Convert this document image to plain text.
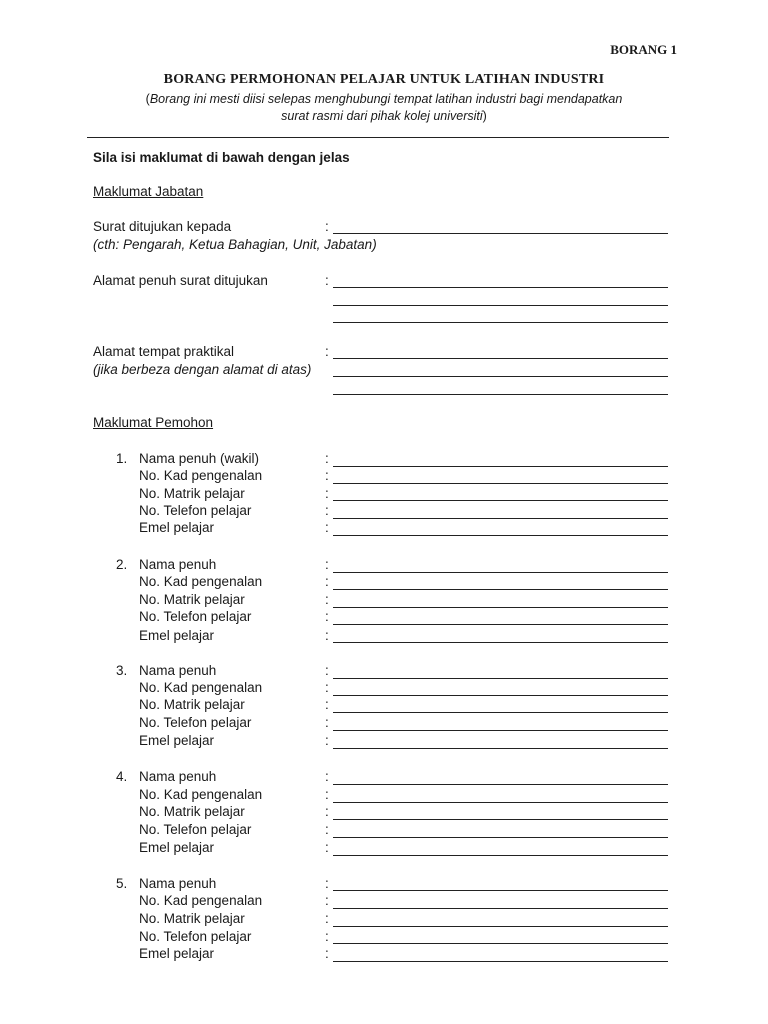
BORANG 1
BORANG PERMOHONAN PELAJAR UNTUK LATIHAN INDUSTRI
(Borang ini mesti diisi selepas menghubungi tempat latihan industri bagi mendapatkan
surat rasmi dari pihak kolej universiti)
Sila isi maklumat di bawah dengan jelas
Maklumat Jabatan
Surat ditujukan kepada	:
(cth: Pengarah, Ketua Bahagian, Unit, Jabatan)
Alamat penuh surat ditujukan	:
Alamat tempat praktikal	:
(jika berbeza dengan alamat di atas)
Maklumat Pemohon
1. Nama penuh (wakil)	:
No. Kad pengenalan	:
No. Matrik pelajar	:
No. Telefon pelajar	:
Emel pelajar	:
2. Nama penuh	:
No. Kad pengenalan	:
No. Matrik pelajar	:
No. Telefon pelajar	:
Emel pelajar	:
3. Nama penuh	:
No. Kad pengenalan	:
No. Matrik pelajar	:
No. Telefon pelajar	:
Emel pelajar	:
4. Nama penuh	:
No. Kad pengenalan	:
No. Matrik pelajar	:
No. Telefon pelajar	:
Emel pelajar	:
5. Nama penuh	:
No. Kad pengenalan	:
No. Matrik pelajar	:
No. Telefon pelajar	:
Emel pelajar	:
